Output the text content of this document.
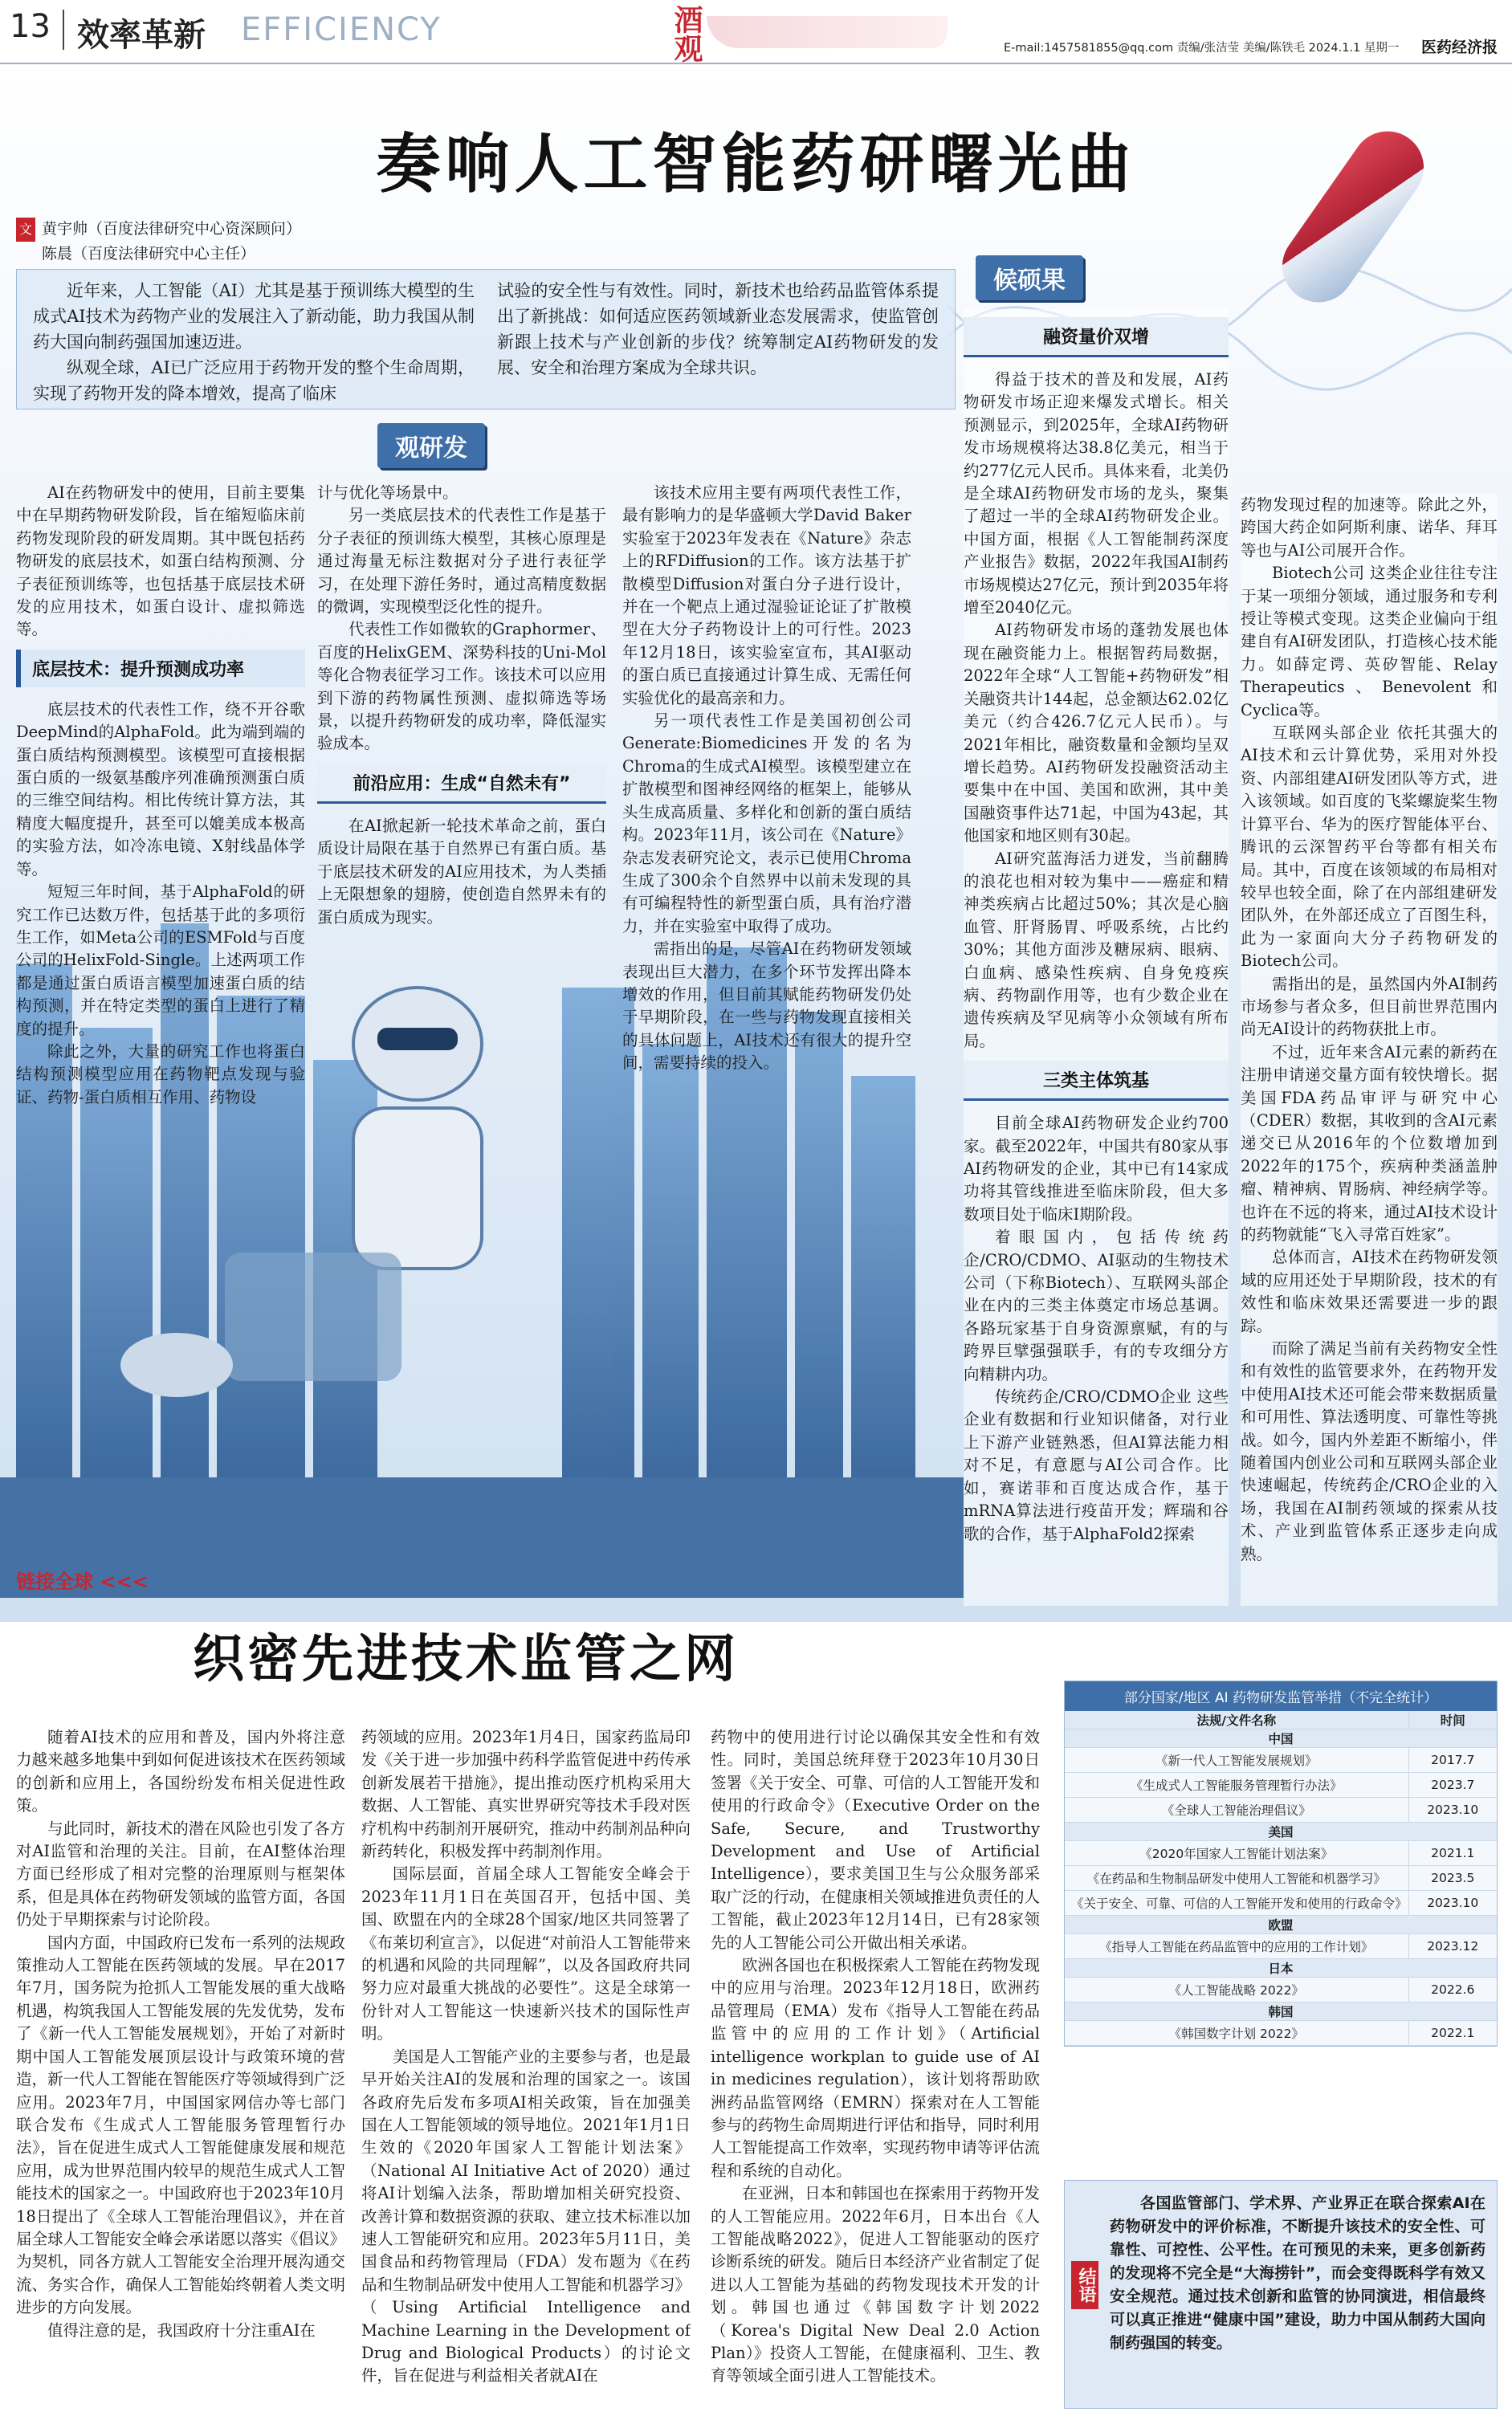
13 效率革新 EFFICIENCY	酒观	E-mail:1457581855@qq.com 责编/张洁莹 美编/陈铁毛 2024.1.1 星期一 医药经济报
奏响人工智能药研曙光曲
文 黄宇帅（百度法律研究中心资深顾问）
陈晨（百度法律研究中心主任）

近年来，人工智能（AI）尤其是基于预训练大模型的生成式AI技术为药物产业的发展注入了新动能，助力我国从制药大国向制药强国加速迈进。

纵观全球，AI已广泛应用于药物开发的整个生命周期，实现了药物开发的降本增效，提高了临床

试验的安全性与有效性。同时，新技术也给药品监管体系提出了新挑战：如何适应医药领域新业态发展需求，使监管创新跟上技术与产业创新的步伐？统筹制定AI药物研发的发展、安全和治理方案成为全球共识。

观研发
候硕果

AI在药物研发中的使用，目前主要集中在早期药物研发阶段，旨在缩短临床前药物发现阶段的研发周期。其中既包括药物研发的底层技术，如蛋白结构预测、分子表征预训练等，也包括基于底层技术研发的应用技术，如蛋白设计、虚拟筛选等。

底层技术：提升预测成功率

底层技术的代表性工作，绕不开谷歌DeepMind的AlphaFold。此为端到端的蛋白质结构预测模型。该模型可直接根据蛋白质的一级氨基酸序列准确预测蛋白质的三维空间结构。相比传统计算方法，其精度大幅度提升，甚至可以媲美成本极高的实验方法，如冷冻电镜、X射线晶体学等。

短短三年时间，基于AlphaFold的研究工作已达数万件，包括基于此的多项衍生工作，如Meta公司的ESMFold与百度公司的HelixFold-Single。上述两项工作都是通过蛋白质语言模型加速蛋白质的结构预测，并在特定类型的蛋白上进行了精度的提升。

除此之外，大量的研究工作也将蛋白结构预测模型应用在药物靶点发现与验证、药物-蛋白质相互作用、药物设

计与优化等场景中。

另一类底层技术的代表性工作是基于分子表征的预训练大模型，其核心原理是通过海量无标注数据对分子进行表征学习，在处理下游任务时，通过高精度数据的微调，实现模型泛化性的提升。

代表性工作如微软的Graphormer、百度的HelixGEM、深势科技的Uni-Mol等化合物表征学习工作。该技术可以应用到下游的药物属性预测、虚拟筛选等场景，以提升药物研发的成功率，降低湿实验成本。

前沿应用：生成“自然未有”

在AI掀起新一轮技术革命之前，蛋白质设计局限在基于自然界已有蛋白质。基于底层技术研发的AI应用技术，为人类插上无限想象的翅膀，使创造自然界未有的蛋白质成为现实。

该技术应用主要有两项代表性工作，最有影响力的是华盛顿大学David Baker实验室于2023年发表在《Nature》杂志上的RFDiffusion的工作。该方法基于扩散模型Diffusion对蛋白分子进行设计，并在一个靶点上通过湿验证论证了扩散模型在大分子药物设计上的可行性。2023年12月18日，该实验室宣布，其AI驱动的蛋白质已直接通过计算生成、无需任何实验优化的最高亲和力。

另一项代表性工作是美国初创公司Generate:Biomedicines开发的名为Chroma的生成式AI模型。该模型建立在扩散模型和图神经网络的框架上，能够从头生成高质量、多样化和创新的蛋白质结构。2023年11月，该公司在《Nature》杂志发表研究论文，表示已使用Chroma生成了300余个自然界中以前未发现的具有可编程特性的新型蛋白质，具有治疗潜力，并在实验室中取得了成功。

需指出的是，尽管AI在药物研发领域表现出巨大潜力，在多个环节发挥出降本增效的作用，但目前其赋能药物研发仍处于早期阶段，在一些与药物发现直接相关的具体问题上，AI技术还有很大的提升空间，需要持续的投入。

融资量价双增

得益于技术的普及和发展，AI药物研发市场正迎来爆发式增长。相关预测显示，到2025年，全球AI药物研发市场规模将达38.8亿美元，相当于约277亿元人民币。具体来看，北美仍是全球AI药物研发市场的龙头，聚集了超过一半的全球AI药物研发企业。中国方面，根据《人工智能制药深度产业报告》数据，2022年我国AI制药市场规模达27亿元，预计到2035年将增至2040亿元。

AI药物研发市场的蓬勃发展也体现在融资能力上。根据智药局数据，2022年全球“人工智能+药物研发”相关融资共计144起，总金额达62.02亿美元（约合426.7亿元人民币）。与2021年相比，融资数量和金额均呈双增长趋势。AI药物研发投融资活动主要集中在中国、美国和欧洲，其中美国融资事件达71起，中国为43起，其他国家和地区则有30起。

AI研究蓝海活力迸发，当前翻腾的浪花也相对较为集中——癌症和精神类疾病占比超过50%；其次是心脑血管、肝肾肠胃、呼吸系统，占比约30%；其他方面涉及糖尿病、眼病、白血病、感染性疾病、自身免疫疾病、药物副作用等，也有少数企业在遗传疾病及罕见病等小众领域有所布局。

三类主体筑基

目前全球AI药物研发企业约700家。截至2022年，中国共有80家从事AI药物研发的企业，其中已有14家成功将其管线推进至临床阶段，但大多数项目处于临床Ⅰ期阶段。

着眼国内，包括传统药企/CRO/CDMO、AI驱动的生物技术公司（下称Biotech）、互联网头部企业在内的三类主体奠定市场总基调。各路玩家基于自身资源禀赋，有的与跨界巨擘强强联手，有的专攻细分方向精耕内功。

传统药企/CRO/CDMO企业 这些企业有数据和行业知识储备，对行业上下游产业链熟悉，但AI算法能力相对不足，有意愿与AI公司合作。比如，赛诺菲和百度达成合作，基于mRNA算法进行疫苗开发；辉瑞和谷歌的合作，基于AlphaFold2探索

药物发现过程的加速等。除此之外，跨国大药企如阿斯利康、诺华、拜耳等也与AI公司展开合作。

Biotech公司 这类企业往往专注于某一项细分领域，通过服务和专利授让等模式变现。这类企业偏向于组建自有AI研发团队，打造核心技术能力。如薛定谔、英矽智能、Relay Therapeutics、Benevolent和Cyclica等。

互联网头部企业 依托其强大的AI技术和云计算优势，采用对外投资、内部组建AI研发团队等方式，进入该领域。如百度的飞桨螺旋桨生物计算平台、华为的医疗智能体平台、腾讯的云深智药平台等都有相关布局。其中，百度在该领域的布局相对较早也较全面，除了在内部组建研发团队外，在外部还成立了百图生科，此为一家面向大分子药物研发的Biotech公司。

需指出的是，虽然国内外AI制药市场参与者众多，但目前世界范围内尚无AI设计的药物获批上市。

不过，近年来含AI元素的新药在注册申请递交量方面有较快增长。据美国FDA药品审评与研究中心（CDER）数据，其收到的含AI元素递交已从2016年的个位数增加到2022年的175个，疾病种类涵盖肿瘤、精神病、胃肠病、神经病学等。也许在不远的将来，通过AI技术设计的药物就能“飞入寻常百姓家”。

总体而言，AI技术在药物研发领域的应用还处于早期阶段，技术的有效性和临床效果还需要进一步的跟踪。

而除了满足当前有关药物安全性和有效性的监管要求外，在药物开发中使用AI技术还可能会带来数据质量和可用性、算法透明度、可靠性等挑战。如今，国内外差距不断缩小，伴随着国内创业公司和互联网头部企业快速崛起，传统药企/CRO企业的入场，我国在AI制药领域的探索从技术、产业到监管体系正逐步走向成熟。

链接全球 <<<
织密先进技术监管之网

随着AI技术的应用和普及，国内外将注意力越来越多地集中到如何促进该技术在医药领域的创新和应用上，各国纷纷发布相关促进性政策。

与此同时，新技术的潜在风险也引发了各方对AI监管和治理的关注。目前，在AI整体治理方面已经形成了相对完整的治理原则与框架体系，但是具体在药物研发领域的监管方面，各国仍处于早期探索与讨论阶段。

国内方面，中国政府已发布一系列的法规政策推动人工智能在医药领域的发展。早在2017年7月，国务院为抢抓人工智能发展的重大战略机遇，构筑我国人工智能发展的先发优势，发布了《新一代人工智能发展规划》，开始了对新时期中国人工智能发展顶层设计与政策环境的营造，新一代人工智能在智能医疗等领域得到广泛应用。2023年7月，中国国家网信办等七部门联合发布《生成式人工智能服务管理暂行办法》，旨在促进生成式人工智能健康发展和规范应用，成为世界范围内较早的规范生成式人工智能技术的国家之一。中国政府也于2023年10月18日提出了《全球人工智能治理倡议》，并在首届全球人工智能安全峰会承诺愿以落实《倡议》为契机，同各方就人工智能安全治理开展沟通交流、务实合作，确保人工智能始终朝着人类文明进步的方向发展。

值得注意的是，我国政府十分注重AI在

药领域的应用。2023年1月4日，国家药监局印发《关于进一步加强中药科学监管促进中药传承创新发展若干措施》，提出推动医疗机构采用大数据、人工智能、真实世界研究等技术手段对医疗机构中药制剂开展研究，推动中药制剂品种向新药转化，积极发挥中药制剂作用。

国际层面，首届全球人工智能安全峰会于2023年11月1日在英国召开，包括中国、美国、欧盟在内的全球28个国家/地区共同签署了《布莱切利宣言》，以促进“对前沿人工智能带来的机遇和风险的共同理解”，以及各国政府共同努力应对最重大挑战的必要性”。这是全球第一份针对人工智能这一快速新兴技术的国际性声明。

美国是人工智能产业的主要参与者，也是最早开始关注AI的发展和治理的国家之一。该国各政府先后发布多项AI相关政策，旨在加强美国在人工智能领域的领导地位。2021年1月1日生效的《2020年国家人工智能计划法案》（National AI Initiative Act of 2020）通过将AI计划编入法条，帮助增加相关研究投资、改善计算和数据资源的获取、建立技术标准以加速人工智能研究和应用。2023年5月11日，美国食品和药物管理局（FDA）发布题为《在药品和生物制品研发中使用人工智能和机器学习》（Using Artificial Intelligence and Machine Learning in the Development of Drug and Biological Products）的讨论文件，旨在促进与利益相关者就AI在

药物中的使用进行讨论以确保其安全性和有效性。同时，美国总统拜登于2023年10月30日签署《关于安全、可靠、可信的人工智能开发和使用的行政命令》（Executive Order on the Safe, Secure, and Trustworthy Development and Use of Artificial Intelligence），要求美国卫生与公众服务部采取广泛的行动，在健康相关领域推进负责任的人工智能，截止2023年12月14日，已有28家领先的人工智能公司公开做出相关承诺。

欧洲各国也在积极探索人工智能在药物发现中的应用与治理。2023年12月18日，欧洲药品管理局（EMA）发布《指导人工智能在药品监管中的应用的工作计划》（Artificial intelligence workplan to guide use of AI in medicines regulation），该计划将帮助欧洲药品监管网络（EMRN）探索对在人工智能参与的药物生命周期进行评估和指导，同时利用人工智能提高工作效率，实现药物申请等评估流程和系统的自动化。

在亚洲，日本和韩国也在探索用于药物开发的人工智能应用。2022年6月，日本出台《人工智能战略2022》，促进人工智能驱动的医疗诊断系统的研发。随后日本经济产业省制定了促进以人工智能为基础的药物发现技术开发的计划。韩国也通过《韩国数字计划2022（Korea's Digital New Deal 2.0 Action Plan）》投资人工智能，在健康福利、卫生、教育等领域全面引进人工智能技术。

部分国家/地区 AI 药物研发监管举措（不完全统计）
法规/文件名称	时间
中国	
《新一代人工智能发展规划》	2017.7
《生成式人工智能服务管理暂行办法》	2023.7
《全球人工智能治理倡议》	2023.10
美国	
《2020年国家人工智能计划法案》	2021.1
《在药品和生物制品研发中使用人工智能和机器学习》	2023.5
《关于安全、可靠、可信的人工智能开发和使用的行政命令》	2023.10
欧盟	
《指导人工智能在药品监管中的应用的工作计划》	2023.12
日本	
《人工智能战略 2022》	2022.6
韩国	
《韩国数字计划 2022》	2022.1
结语

各国监管部门、学术界、产业界正在联合探索AI在药物研发中的评价标准，不断提升该技术的安全性、可靠性、可控性、公平性。在可预见的未来，更多创新药的发现将不完全是“大海捞针”，而会变得既科学有效又安全规范。通过技术创新和监管的协同演进，相信最终可以真正推进“健康中国”建设，助力中国从制药大国向制药强国的转变。
